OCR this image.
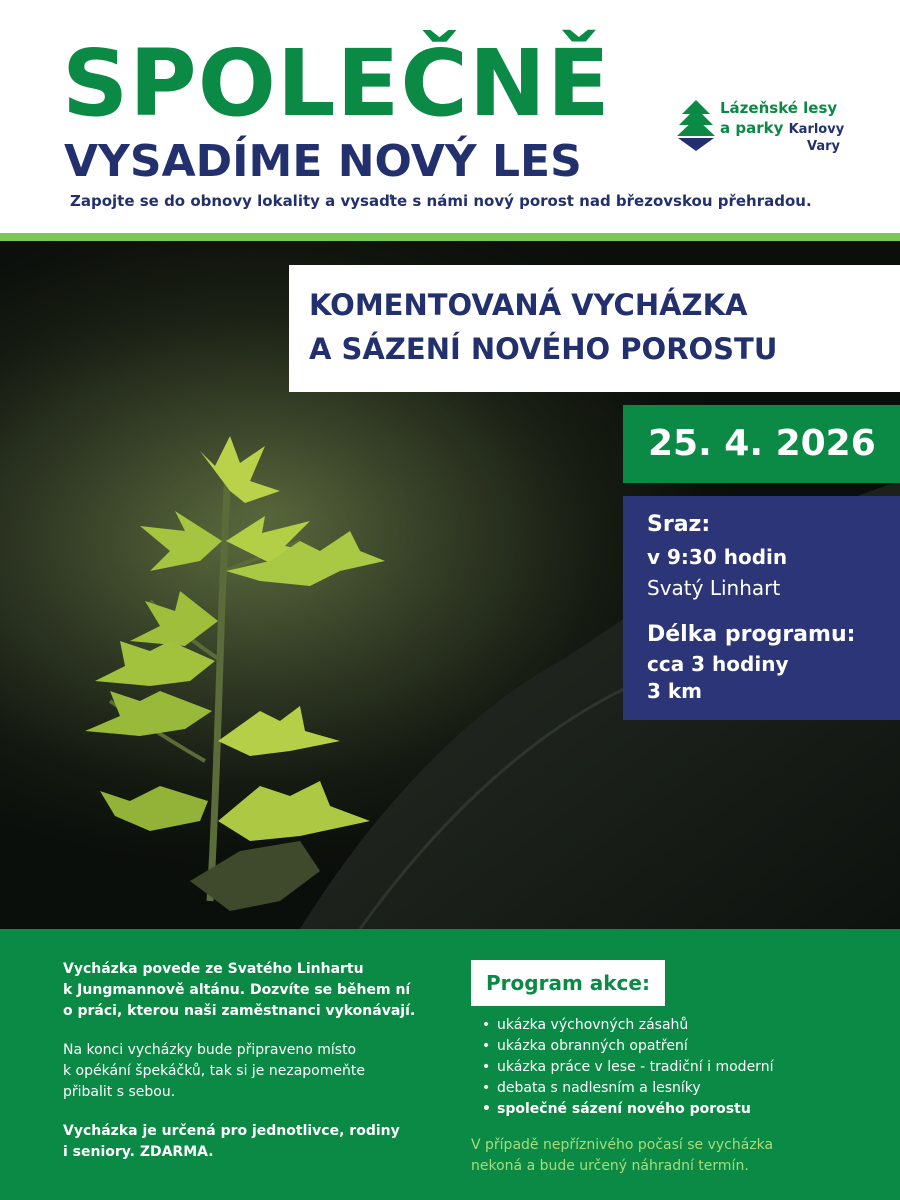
SPOLEČNĚ
VYSADÍME NOVÝ LES
Zapojte se do obnovy lokality a vysaďte s námi nový porost nad březovskou přehradou.
Lázeňské lesy
a parky Karlovy
Vary
KOMENTOVANÁ VYCHÁZKA
A SÁZENÍ NOVÉHO POROSTU
25. 4. 2026
Sraz:
v 9:30 hodin
Svatý Linhart
Délka programu:
cca 3 hodiny
3 km
Vycházka povede ze Svatého Linhartu
k Jungmannově altánu. Dozvíte se během ní
o práci, kterou naši zaměstnanci vykonávají.
Na konci vycházky bude připraveno místo
k opékání špekáčků, tak si je nezapomeňte
přibalit s sebou.
Vycházka je určená pro jednotlivce, rodiny
i seniory. ZDARMA.
Program akce:
• ukázka výchovných zásahů
• ukázka obranných opatření
• ukázka práce v lese - tradiční i moderní
• debata s nadlesním a lesníky
• společné sázení nového porostu
V případě nepříznivého počasí se vycházka
nekoná a bude určený náhradní termín.
